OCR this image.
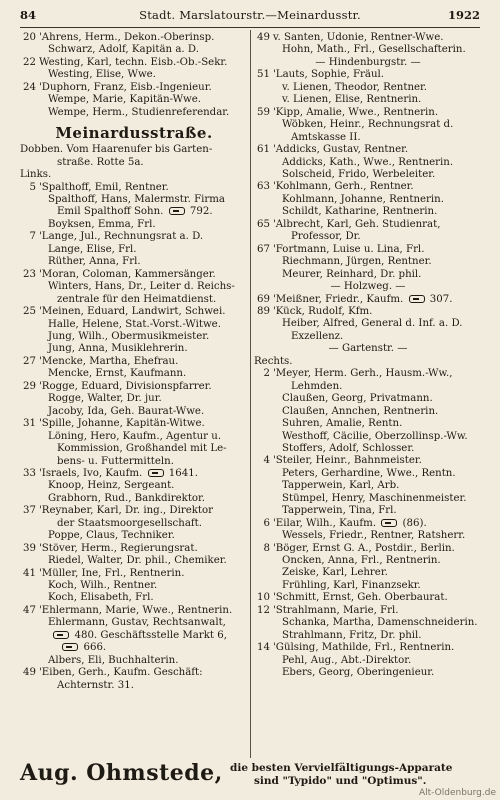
84	Stadt. Marslatourstr.—Meinardusstr.	1922
20 'Ahrens, Herm., Dekon.-Oberinsp.
Schwarz, Adolf, Kapitän a. D.
22 Westing, Karl, techn. Eisb.-Ob.-Sekr.
Westing, Elise, Wwe.
24 'Duphorn, Franz, Eisb.-Ingenieur.
Wempe, Marie, Kapitän-Wwe.
Wempe, Herm., Studienreferendar.
Meinardusstraße.
Dobben. Vom Haarenufer bis Garten-
straße. Rotte 5a.
Links.
5 'Spalthoff, Emil, Rentner.
Spalthoff, Hans, Malermstr. Firma
Emil Spalthoff Sohn.  792.
Boyksen, Emma, Frl.
7 'Lange, Jul., Rechnungsrat a. D.
Lange, Elise, Frl.
Rüther, Anna, Frl.
23 'Moran, Coloman, Kammersänger.
Winters, Hans, Dr., Leiter d. Reichs-
zentrale für den Heimatdienst.
25 'Meinen, Eduard, Landwirt, Schwei.
Halle, Helene, Stat.-Vorst.-Witwe.
Jung, Wilh., Obermusikmeister.
Jung, Anna, Musiklehrerin.
27 'Mencke, Martha, Ehefrau.
Mencke, Ernst, Kaufmann.
29 'Rogge, Eduard, Divisionspfarrer.
Rogge, Walter, Dr. jur.
Jacoby, Ida, Geh. Baurat-Wwe.
31 'Spille, Johanne, Kapitän-Witwe.
Löning, Hero, Kaufm., Agentur u.
Kommission, Großhandel mit Le-
bens- u. Futtermitteln.
33 'Israels, Ivo, Kaufm.  1641.
Knoop, Heinz, Sergeant.
Grabhorn, Rud., Bankdirektor.
37 'Reynaber, Karl, Dr. ing., Direktor
der Staatsmoorgesellschaft.
Poppe, Claus, Techniker.
39 'Stöver, Herm., Regierungsrat.
Riedel, Walter, Dr. phil., Chemiker.
41 'Müller, Ine, Frl., Rentnerin.
Koch, Wilh., Rentner.
Koch, Elisabeth, Frl.
47 'Ehlermann, Marie, Wwe., Rentnerin.
Ehlermann, Gustav, Rechtsanwalt,
480. Geschäftsstelle Markt 6,
666.
Albers, Eli, Buchhalterin.
49 'Eiben, Gerh., Kaufm. Geschäft:
Achternstr. 31.
49 v. Santen, Udonie, Rentner-Wwe.
Hohn, Math., Frl., Gesellschafterin.
— Hindenburgstr. —
51 'Lauts, Sophie, Fräul.
v. Lienen, Theodor, Rentner.
v. Lienen, Elise, Rentnerin.
59 'Kipp, Amalie, Wwe., Rentnerin.
Wöbken, Heinr., Rechnungsrat d.
Amtskasse II.
61 'Addicks, Gustav, Rentner.
Addicks, Kath., Wwe., Rentnerin.
Solscheid, Frido, Werbeleiter.
63 'Kohlmann, Gerh., Rentner.
Kohlmann, Johanne, Rentnerin.
Schildt, Katharine, Rentnerin.
65 'Albrecht, Karl, Geh. Studienrat,
Professor, Dr.
67 'Fortmann, Luise u. Lina, Frl.
Riechmann, Jürgen, Rentner.
Meurer, Reinhard, Dr. phil.
— Holzweg. —
69 'Meißner, Friedr., Kaufm.  307.
89 'Kück, Rudolf, Kfm.
Heiber, Alfred, General d. Inf. a. D.
Exzellenz.
— Gartenstr. —
Rechts.
2 'Meyer, Herm. Gerh., Hausm.-Ww.,
Lehmden.
Claußen, Georg, Privatmann.
Claußen, Annchen, Rentnerin.
Suhren, Amalie, Rentn.
Westhoff, Cäcilie, Oberzollinsp.-Ww.
Stoffers, Adolf, Schlosser.
4 'Steiler, Heinr., Bahnmeister.
Peters, Gerhardine, Wwe., Rentn.
Tapperwein, Karl, Arb.
Stümpel, Henry, Maschinenmeister.
Tapperwein, Tina, Frl.
6 'Eilar, Wilh., Kaufm.  (86).
Wessels, Friedr., Rentner, Ratsherr.
8 'Böger, Ernst G. A., Postdir., Berlin.
Oncken, Anna, Frl., Rentnerin.
Zeiske, Karl, Lehrer.
Frühling, Karl, Finanzsekr.
10 'Schmitt, Ernst, Geh. Oberbaurat.
12 'Strahlmann, Marie, Frl.
Schanka, Martha, Damenschneiderin.
Strahlmann, Fritz, Dr. phil.
14 'Gülsing, Mathilde, Frl., Rentnerin.
Pehl, Aug., Abt.-Direktor.
Ebers, Georg, Oberingenieur.
Aug. Ohmstede, die besten Vervielfältigungs-Apparate
sind "Typido" und "Optimus".
Alt-Oldenburg.de
